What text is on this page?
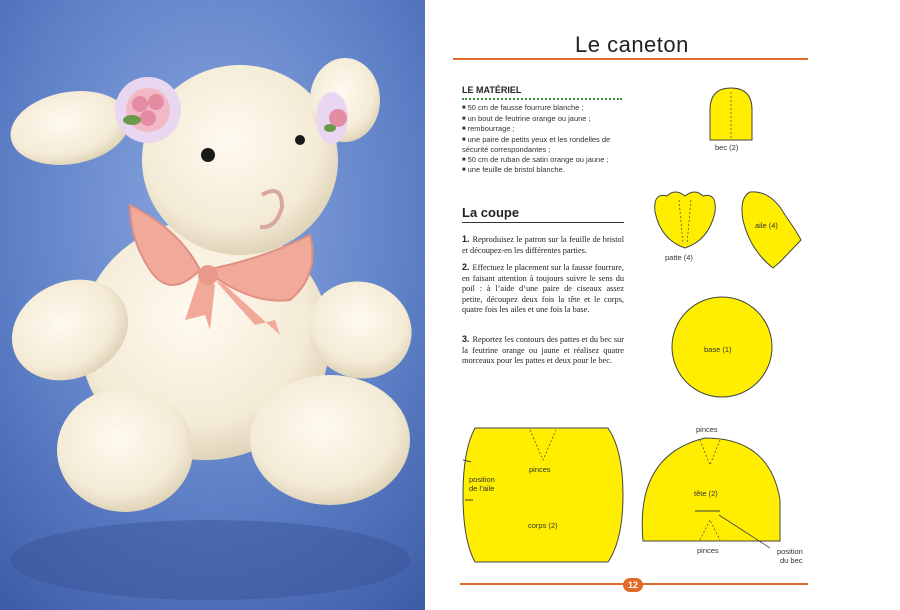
Le caneton
LE MATÉRIEL
■ 50 cm de fausse fourrure blanche ;
■ un bout de feutrine orange ou jaune ;
■ rembourrage ;
■ une paire de petits yeux et les rondelles de sécurité correspondantes ;
■ 50 cm de ruban de satin orange ou jaune ;
■ une feuille de bristol blanche.
La coupe

1. Reproduisez le patron sur la feuille de bristol et découpez-en les différentes parties.

2. Effectuez le placement sur la fausse fourrure, en faisant attention à toujours suivre le sens du poil : à l’aide d’une paire de ciseaux assez petite, découpez deux fois la tête et le corps, quatre fois les ailes et une fois la base.

3. Reportez les contours des pattes et du bec sur la feutrine orange ou jaune et réalisez quatre morceaux pour les pattes et deux pour le bec.

bec (2)
patte (4)
aile (4)
base (1)
pinces
position
de l’aile
corps (2)
pinces
tête (2)
pinces	position
du bec
12
